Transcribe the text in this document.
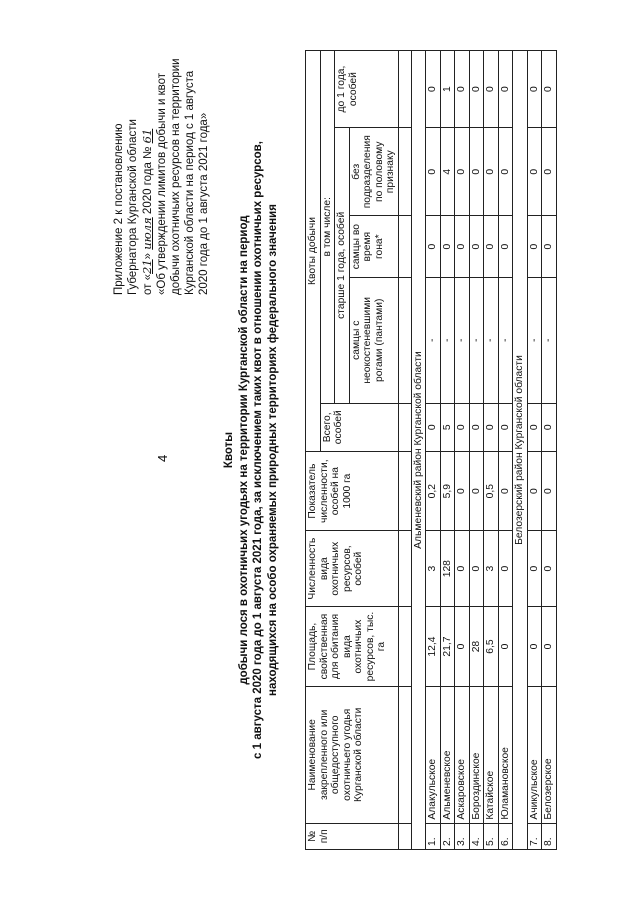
4
Приложение 2 к постановлению Губернатора Курганской области от «21» июля 2020 года № 61 «Об утверждении лимитов добычи и квот добычи охотничьих ресурсов на территории Курганской области на период с 1 августа 2020 года до 1 августа 2021 года»
Квоты добычи лося в охотничьих угодьях на территории Курганской области на период с 1 августа 2020 года до 1 августа 2021 года, за исключением таких квот в отношении охотничьих ресурсов, находящихся на особо охраняемых природных территориях федерального значения
№ п/п	Наименование закрепленного или общедоступного охотничьего угодья Курганской области	Площадь, свойственная для обитания вида охотничьих ресурсов, тыс. га	Численность вида охотничьих ресурсов, особей	Показатель численности, особей на 1000 га	Квоты добычи				
					Всего, особей	в том числе:			
						старше 1 года, особей			до 1 года, особей
						самцы с неокостеневшими рогами (пантами)	самцы во время гона*	без подразделения по половому признаку	

Альменевский район Курганской области									
1.	Алакульское	12,4	3	0,2	0	-	0	0	0
2.	Альменевское	21,7	128	5,9	5	-	0	4	1
3.	Аскаровское	0	0	0	0	-	0	0	0
4.	Бороздинское	28	0	0	0	-	0	0	0
5.	Катайское	6,5	3	0,5	0	-	0	0	0
6.	Юламановское	0	0	0	0	-	0	0	0
Белозерский район Курганской области									
7.	Ачикульское	0	0	0	0	-	0	0	0
8.	Белозерское	0	0	0	0	-	0	0	0
